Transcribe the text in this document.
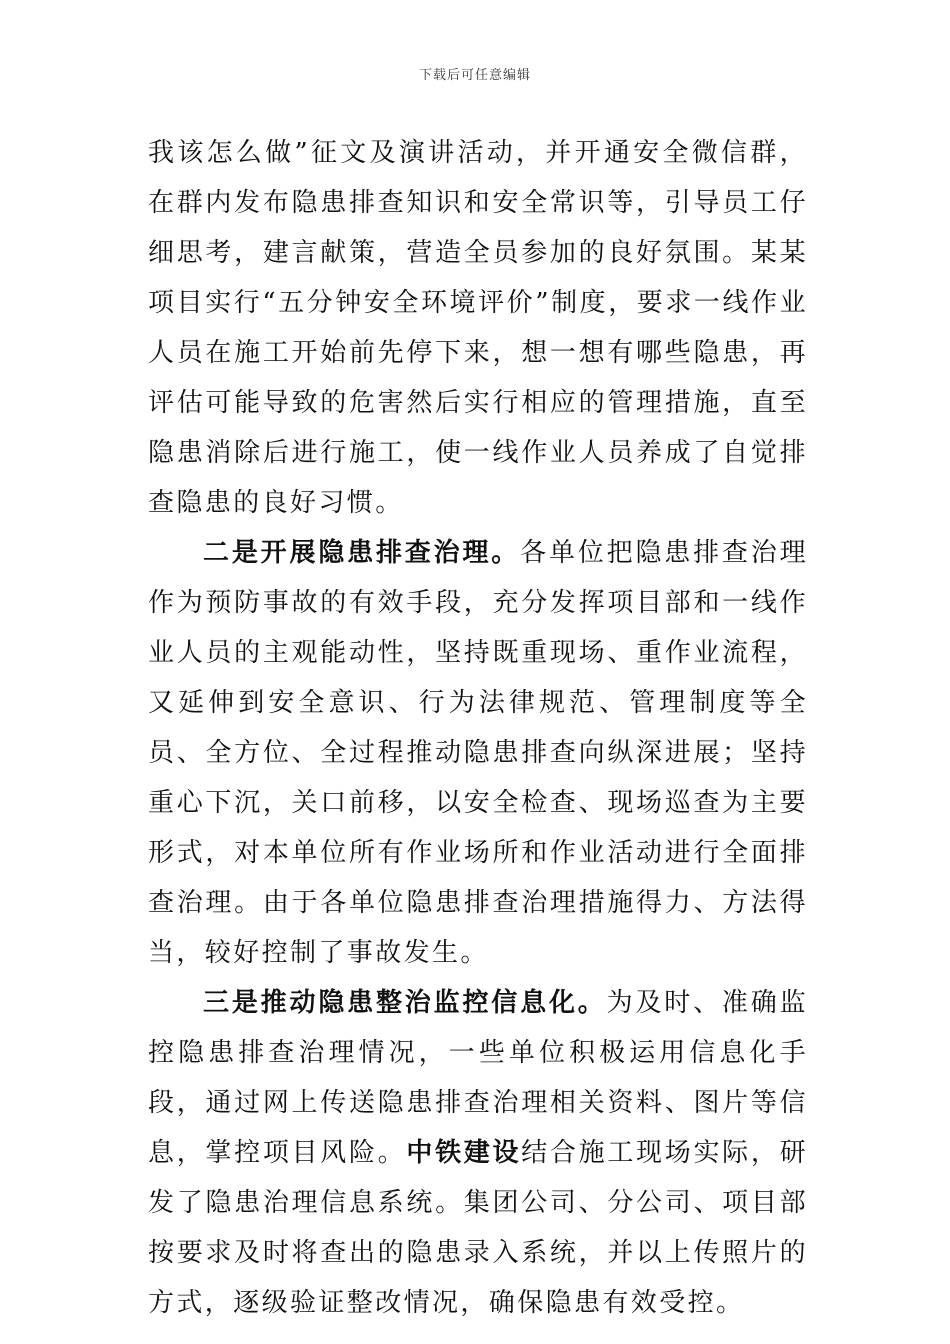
下载后可任意编辑

我该怎么做”征文及演讲活动，并开通安全微信群，在群内发布隐患排查知识和安全常识等，引导员工仔细思考，建言献策，营造全员参加的良好氛围。某某项目实行“五分钟安全环境评价”制度，要求一线作业人员在施工开始前先停下来，想一想有哪些隐患，再评估可能导致的危害然后实行相应的管理措施，直至隐患消除后进行施工，使一线作业人员养成了自觉排查隐患的良好习惯。

二是开展隐患排查治理。各单位把隐患排查治理作为预防事故的有效手段，充分发挥项目部和一线作业人员的主观能动性，坚持既重现场、重作业流程，又延伸到安全意识、行为法律规范、管理制度等全员、全方位、全过程推动隐患排查向纵深进展；坚持重心下沉，关口前移，以安全检查、现场巡查为主要形式，对本单位所有作业场所和作业活动进行全面排查治理。由于各单位隐患排查治理措施得力、方法得当，较好控制了事故发生。

三是推动隐患整治监控信息化。为及时、准确监控隐患排查治理情况，一些单位积极运用信息化手段，通过网上传送隐患排查治理相关资料、图片等信息，掌控项目风险。中铁建设结合施工现场实际，研发了隐患治理信息系统。集团公司、分公司、项目部按要求及时将查出的隐患录入系统，并以上传照片的方式，逐级验证整改情况，确保隐患有效受控。
